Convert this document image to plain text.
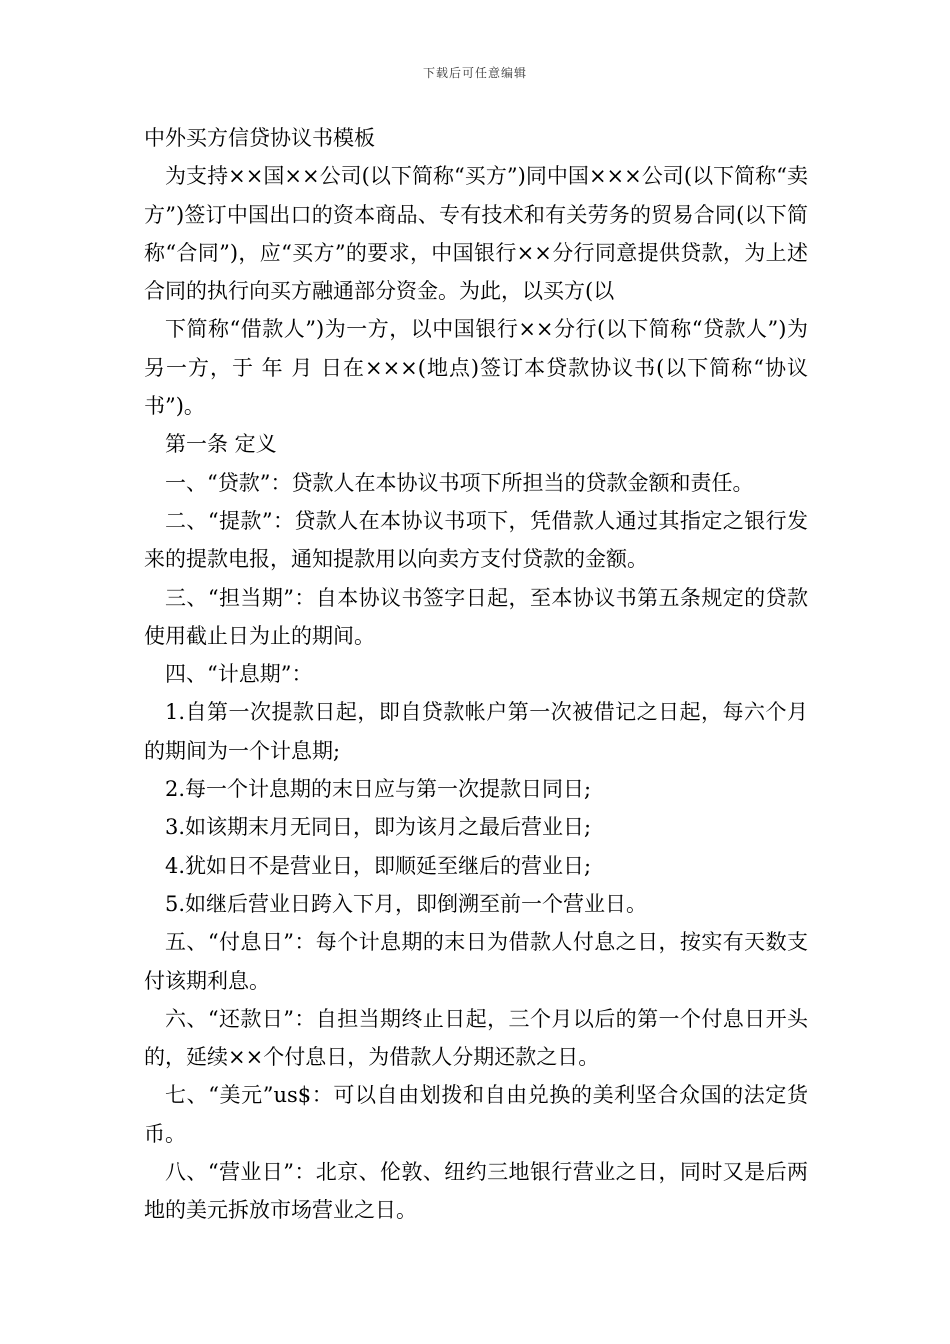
下载后可任意编辑
中外买方信贷协议书模板

为支持××国××公司(以下简称“买方”)同中国×××公司(以下简称“卖方”)签订中国出口的资本商品、专有技术和有关劳务的贸易合同(以下简称“合同”)，应“买方”的要求，中国银行××分行同意提供贷款，为上述合同的执行向买方融通部分资金。为此，以买方(以

下简称“借款人”)为一方，以中国银行××分行(以下简称“贷款人”)为另一方，于 年 月 日在×××(地点)签订本贷款协议书(以下简称“协议书”)。

第一条 定义

一、“贷款”：贷款人在本协议书项下所担当的贷款金额和责任。

二、“提款”：贷款人在本协议书项下，凭借款人通过其指定之银行发来的提款电报，通知提款用以向卖方支付贷款的金额。

三、“担当期”：自本协议书签字日起，至本协议书第五条规定的贷款使用截止日为止的期间。

四、“计息期”：

1.自第一次提款日起，即自贷款帐户第一次被借记之日起，每六个月的期间为一个计息期;

2.每一个计息期的末日应与第一次提款日同日;

3.如该期末月无同日，即为该月之最后营业日;

4.犹如日不是营业日，即顺延至继后的营业日;

5.如继后营业日跨入下月，即倒溯至前一个营业日。

五、“付息日”：每个计息期的末日为借款人付息之日，按实有天数支付该期利息。

六、“还款日”：自担当期终止日起，三个月以后的第一个付息日开头的，延续××个付息日，为借款人分期还款之日。

七、“美元”us$：可以自由划拨和自由兑换的美利坚合众国的法定货币。

八、“营业日”：北京、伦敦、纽约三地银行营业之日，同时又是后两地的美元拆放市场营业之日。
